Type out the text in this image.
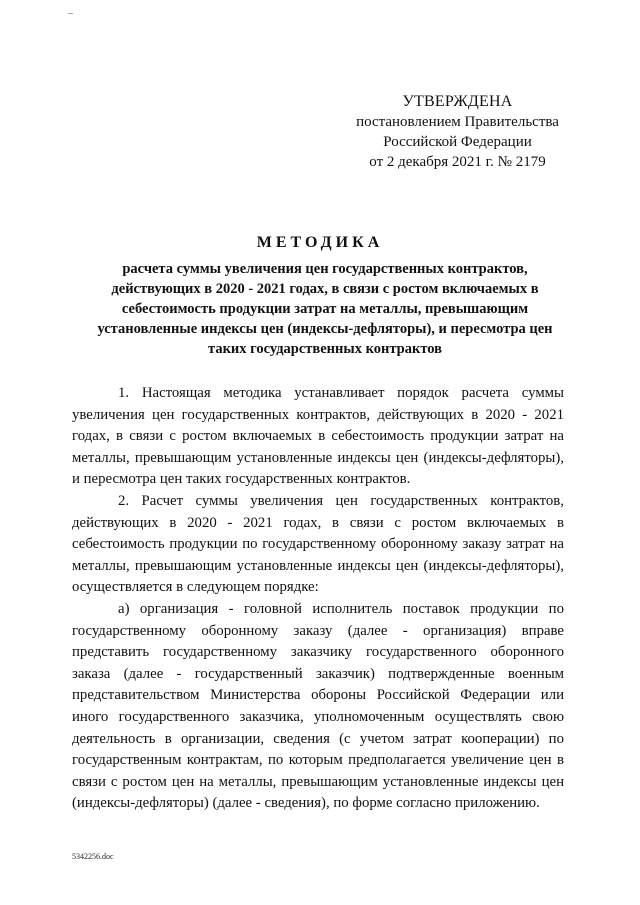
–
УТВЕРЖДЕНА
постановлением Правительства
Российской Федерации
от 2 декабря 2021 г. № 2179
МЕТОДИКА
расчета суммы увеличения цен государственных контрактов, действующих в 2020 - 2021 годах, в связи с ростом включаемых в себестоимость продукции затрат на металлы, превышающим установленные индексы цен (индексы-дефляторы), и пересмотра цен таких государственных контрактов

1. Настоящая методика устанавливает порядок расчета суммы увеличения цен государственных контрактов, действующих в 2020 - 2021 годах, в связи с ростом включаемых в себестоимость продукции затрат на металлы, превышающим установленные индексы цен (индексы-дефляторы), и пересмотра цен таких государственных контрактов.

2. Расчет суммы увеличения цен государственных контрактов, действующих в 2020 - 2021 годах, в связи с ростом включаемых в себестоимость продукции по государственному оборонному заказу затрат на металлы, превышающим установленные индексы цен (индексы-дефляторы), осуществляется в следующем порядке:

а) организация - головной исполнитель поставок продукции по государственному оборонному заказу (далее - организация) вправе представить государственному заказчику государственного оборонного заказа (далее - государственный заказчик) подтвержденные военным представительством Министерства обороны Российской Федерации или иного государственного заказчика, уполномоченным осуществлять свою деятельность в организации, сведения (с учетом затрат кооперации) по государственным контрактам, по которым предполагается увеличение цен в связи с ростом цен на металлы, превышающим установленные индексы цен (индексы-дефляторы) (далее - сведения), по форме согласно приложению.

5342256.doc
